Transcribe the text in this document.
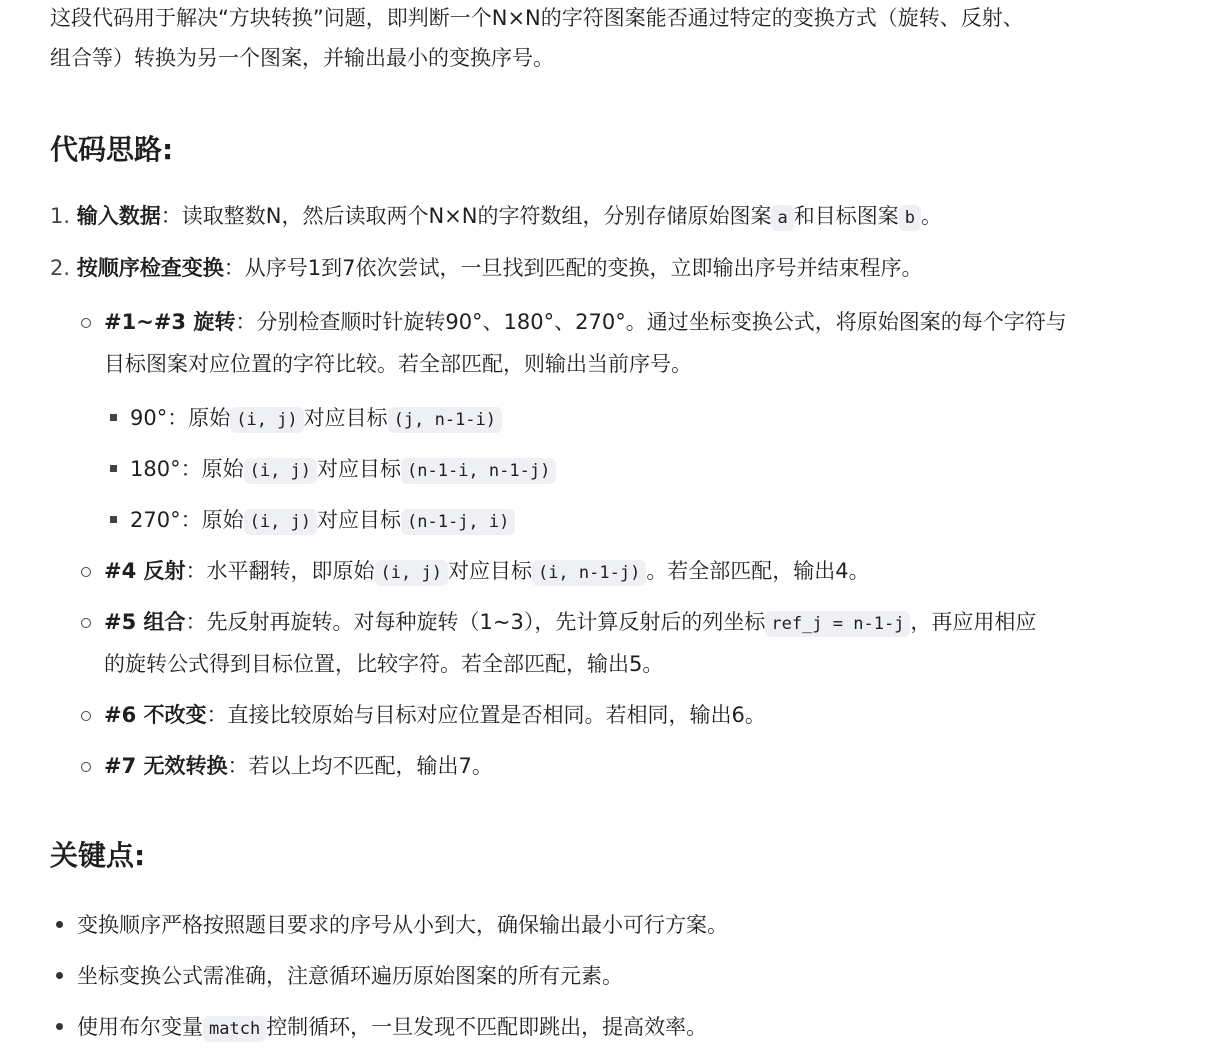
这段代码用于解决“方块转换”问题，即判断一个N×N的字符图案能否通过特定的变换方式（旋转、反射、
组合等）转换为另一个图案，并输出最小的变换序号。
代码思路:
1. 输入数据：读取整数N，然后读取两个N×N的字符数组，分别存储原始图案 a 和目标图案 b 。
2. 按顺序检查变换：从序号1到7依次尝试，一旦找到匹配的变换，立即输出序号并结束程序。
#1~#3 旋转：分别检查顺时针旋转90°、180°、270°。通过坐标变换公式，将原始图案的每个字符与
目标图案对应位置的字符比较。若全部匹配，则输出当前序号。
90°：原始 (i, j) 对应目标 (j, n-1-i)
180°：原始 (i, j) 对应目标 (n-1-i, n-1-j)
270°：原始 (i, j) 对应目标 (n-1-j, i)
#4 反射：水平翻转，即原始 (i, j) 对应目标 (i, n-1-j) 。若全部匹配，输出4。
#5 组合：先反射再旋转。对每种旋转（1~3），先计算反射后的列坐标 ref_j = n-1-j ，再应用相应
的旋转公式得到目标位置，比较字符。若全部匹配，输出5。
#6 不改变：直接比较原始与目标对应位置是否相同。若相同，输出6。
#7 无效转换：若以上均不匹配，输出7。
关键点:
变换顺序严格按照题目要求的序号从小到大，确保输出最小可行方案。
坐标变换公式需准确，注意循环遍历原始图案的所有元素。
使用布尔变量 match 控制循环，一旦发现不匹配即跳出，提高效率。
